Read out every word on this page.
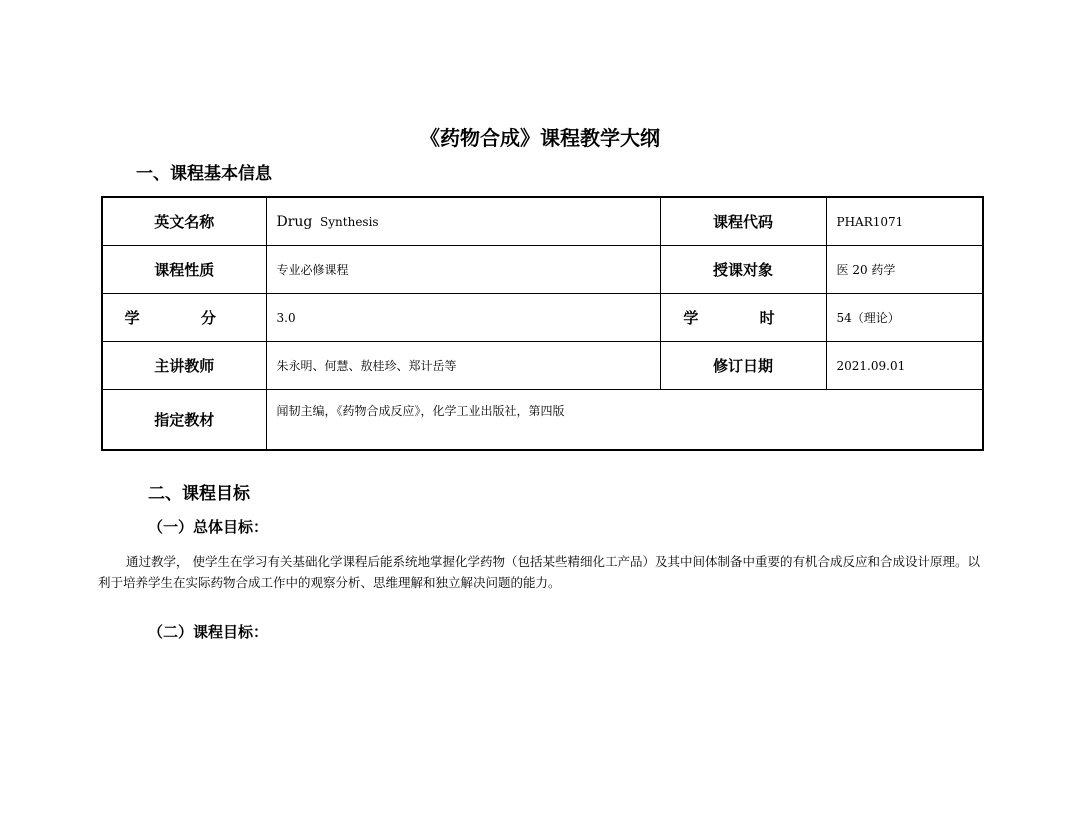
《药物合成》课程教学大纲
一、课程基本信息
英文名称	Drug Synthesis	课程代码	PHAR1071
课程性质	专业必修课程	授课对象	医 20 药学
学 分	3.0	学 时	54（理论）
主讲教师	朱永明、何慧、敖桂珍、郑计岳等	修订日期	2021.09.01
指定教材	闻韧主编，《药物合成反应》，化学工业出版社，第四版		
二、课程目标
（一）总体目标：
通过教学， 使学生在学习有关基础化学课程后能系统地掌握化学药物（包括某些精细化工产品）及其中间体制备中重要的有机合成反应和合成设计原理。以利于培养学生在实际药物合成工作中的观察分析、思维理解和独立解决问题的能力。
（二）课程目标：
